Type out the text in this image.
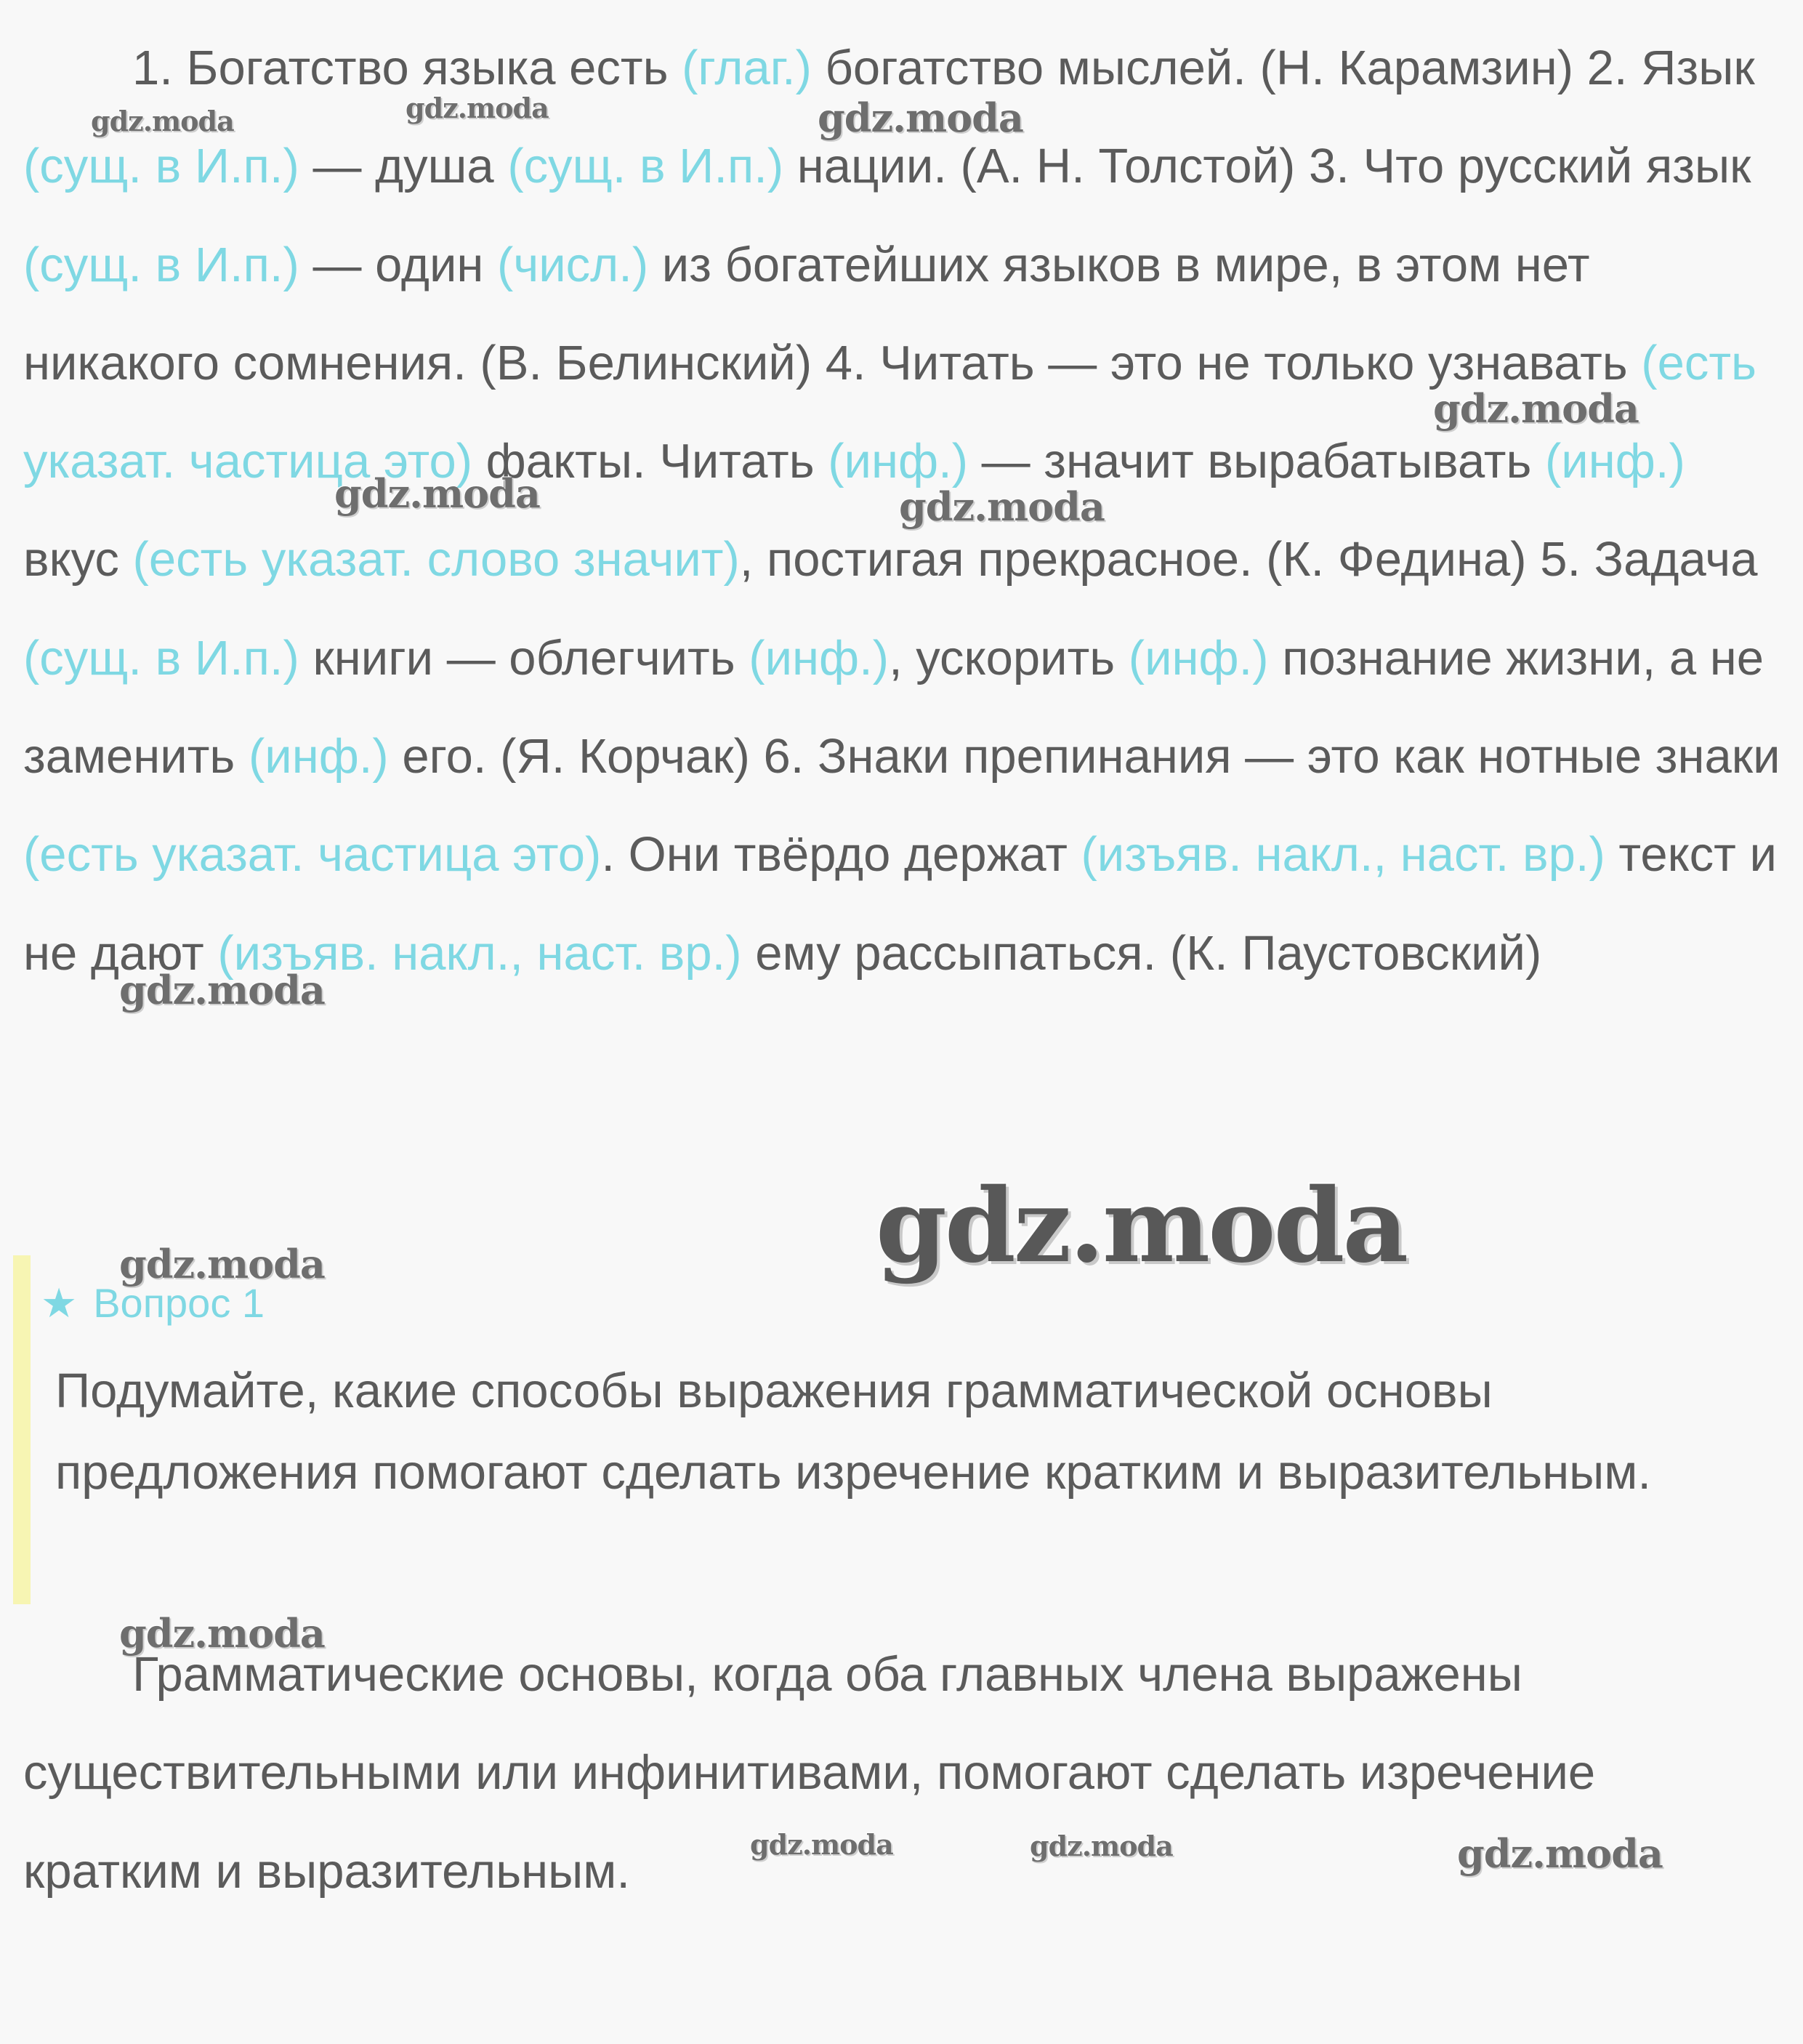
1. Богатство языка есть (глаг.) богатство мыслей. (Н. Карамзин) 2. Язык (сущ. в И.п.) — душа (сущ. в И.п.) нации. (А. Н. Толстой) 3. Что русский язык (сущ. в И.п.) — один (числ.) из богатейших языков в мире, в этом нет никакого сомнения. (В. Белинский) 4. Читать — это не только узнавать (есть указат. частица это) факты. Читать (инф.) — значит вырабатывать (инф.) вкус (есть указат. слово значит), постигая прекрасное. (К. Федина) 5. Задача (сущ. в И.п.) книги — облегчить (инф.), ускорить (инф.) познание жизни, а не заменить (инф.) его. (Я. Корчак) 6. Знаки препинания — это как нотные знаки (есть указат. частица это). Они твёрдо держат (изъяв. накл., наст. вр.) текст и не дают (изъяв. накл., наст. вр.) ему рассыпаться. (К. Паустовский)

★ Вопрос 1

Подумайте, какие способы выражения грамматической основы предложения помогают сделать изречение кратким и выразительным.

Грамматические основы, когда оба главных члена выражены существительными или инфинитивами, помогают сделать изречение кратким и выразительным.

gdz.moda	gdz.moda	gdz.moda
gdz.moda
gdz.moda	gdz.moda
gdz.moda
gdz.moda
gdz.moda
gdz.moda
gdz.moda	gdz.moda	gdz.moda
